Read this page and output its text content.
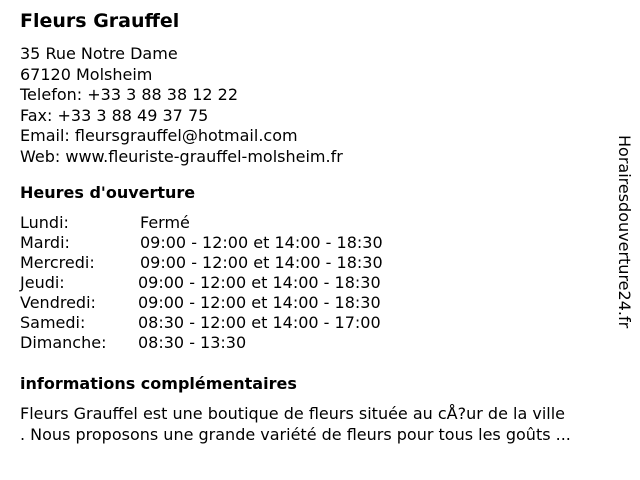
Fleurs Grauffel
35 Rue Notre Dame
67120 Molsheim
Telefon: +33 3 88 38 12 22
Fax: +33 3 88 49 37 75
Email: fleursgrauffel@hotmail.com
Web: www.fleuriste-grauffel-molsheim.fr
Heures d'ouverture
Lundi:	Fermé
Mardi:	09:00 - 12:00 et 14:00 - 18:30
Mercredi:	09:00 - 12:00 et 14:00 - 18:30
Jeudi:	09:00 - 12:00 et 14:00 - 18:30
Vendredi:	09:00 - 12:00 et 14:00 - 18:30
Samedi:	08:30 - 12:00 et 14:00 - 17:00
Dimanche: 08:30 - 13:30
informations complémentaires
Fleurs Grauffel est une boutique de fleurs située au cÅ?ur de la ville
. Nous proposons une grande variété de fleurs pour tous les goûts ...
Horairesdouverture24.fr
